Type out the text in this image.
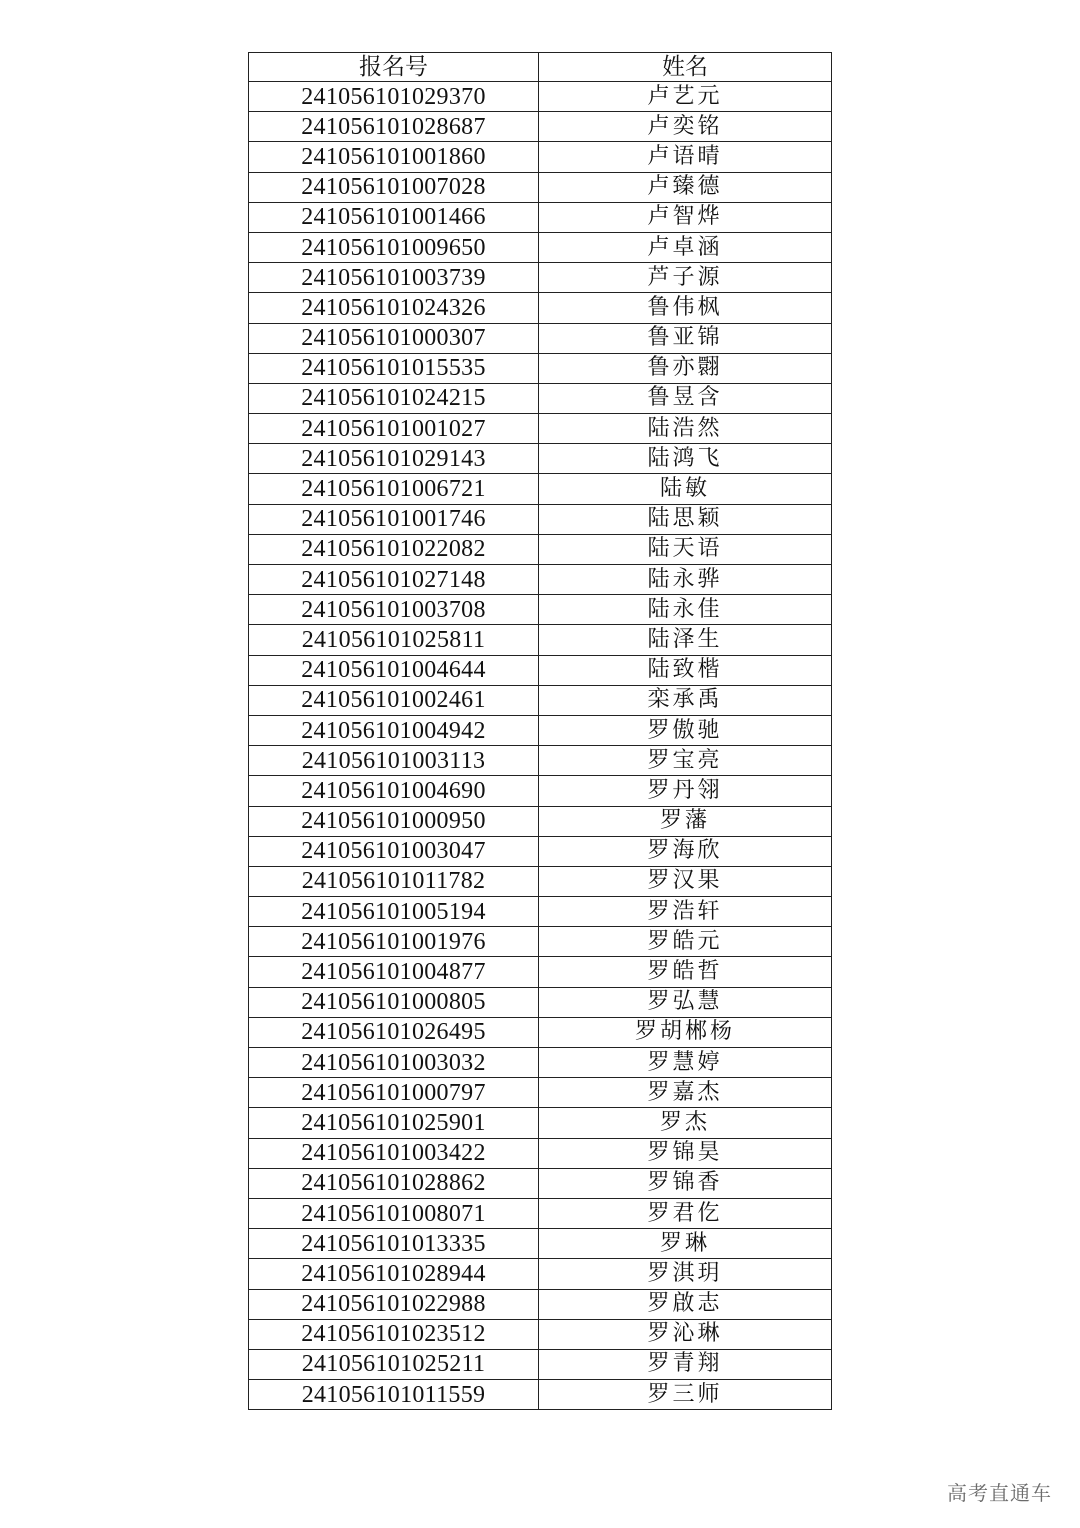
报名号	姓名
241056101029370	卢艺元
241056101028687	卢奕铭
241056101001860	卢语晴
241056101007028	卢臻德
241056101001466	卢智烨
241056101009650	卢卓涵
241056101003739	芦子源
241056101024326	鲁伟枫
241056101000307	鲁亚锦
241056101015535	鲁亦翾
241056101024215	鲁昱含
241056101001027	陆浩然
241056101029143	陆鸿飞
241056101006721	陆敏
241056101001746	陆思颖
241056101022082	陆天语
241056101027148	陆永骅
241056101003708	陆永佳
241056101025811	陆泽生
241056101004644	陆致楷
241056101002461	栾承禹
241056101004942	罗傲驰
241056101003113	罗宝亮
241056101004690	罗丹翎
241056101000950	罗藩
241056101003047	罗海欣
241056101011782	罗汉果
241056101005194	罗浩轩
241056101001976	罗皓元
241056101004877	罗皓哲
241056101000805	罗弘慧
241056101026495	罗胡郴杨
241056101003032	罗慧婷
241056101000797	罗嘉杰
241056101025901	罗杰
241056101003422	罗锦昊
241056101028862	罗锦香
241056101008071	罗君仡
241056101013335	罗琳
241056101028944	罗淇玥
241056101022988	罗啟志
241056101023512	罗沁琳
241056101025211	罗青翔
241056101011559	罗三师
高考直通车
